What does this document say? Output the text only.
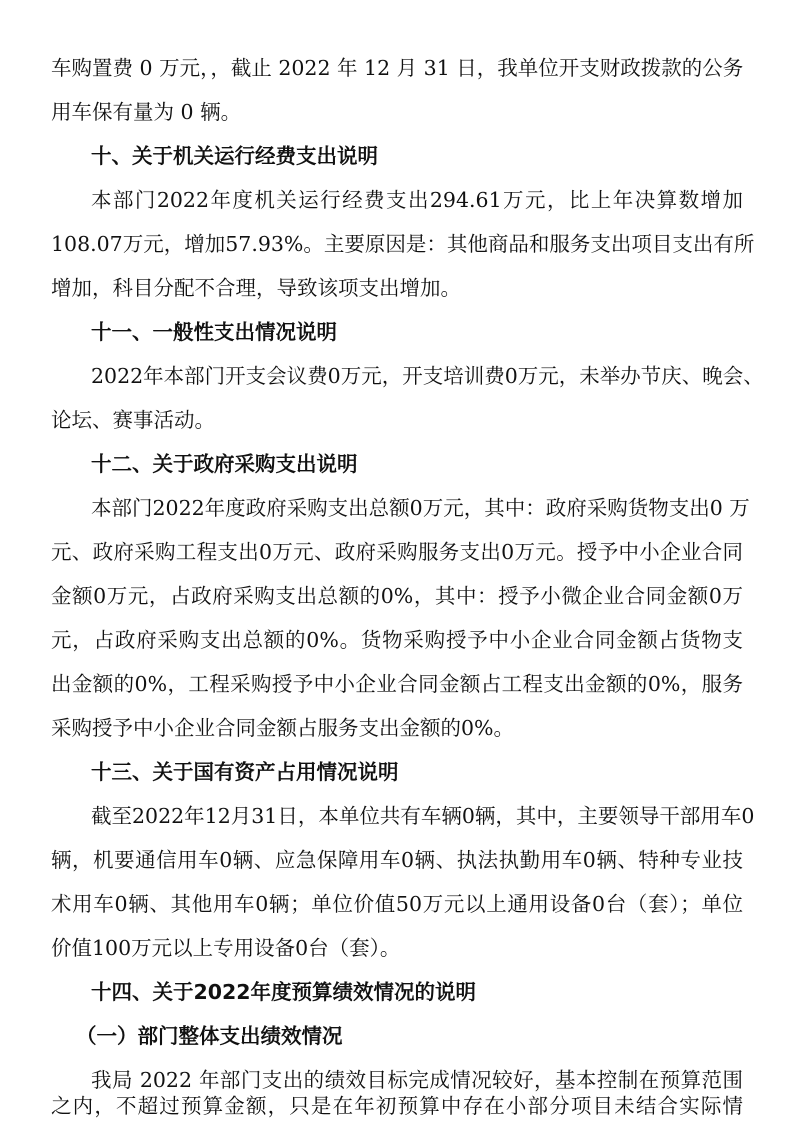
车购置费 0 万元，，截止 2022 年 12 月 31 日，我单位开支财政拨款的公务
用车保有量为 0 辆。
十、关于机关运行经费支出说明
本部门2022年度机关运行经费支出294.61万元，比上年决算数增加
108.07万元，增加57.93%。主要原因是：其他商品和服务支出项目支出有所
增加，科目分配不合理，导致该项支出增加。
十一、一般性支出情况说明
2022年本部门开支会议费0万元，开支培训费0万元，未举办节庆、晚会、
论坛、赛事活动。
十二、关于政府采购支出说明
本部门2022年度政府采购支出总额0万元，其中：政府采购货物支出0 万
元、政府采购工程支出0万元、政府采购服务支出0万元。授予中小企业合同
金额0万元，占政府采购支出总额的0%，其中：授予小微企业合同金额0万
元，占政府采购支出总额的0%。货物采购授予中小企业合同金额占货物支
出金额的0%，工程采购授予中小企业合同金额占工程支出金额的0%，服务
采购授予中小企业合同金额占服务支出金额的0%。
十三、关于国有资产占用情况说明
截至2022年12月31日，本单位共有车辆0辆，其中，主要领导干部用车0
辆，机要通信用车0辆、应急保障用车0辆、执法执勤用车0辆、特种专业技
术用车0辆、其他用车0辆；单位价值50万元以上通用设备0台（套）；单位
价值100万元以上专用设备0台（套）。
十四、关于2022年度预算绩效情况的说明
（一）部门整体支出绩效情况
我局 2022 年部门支出的绩效目标完成情况较好，基本控制在预算范围
之内，不超过预算金额，只是在年初预算中存在小部分项目未结合实际情
